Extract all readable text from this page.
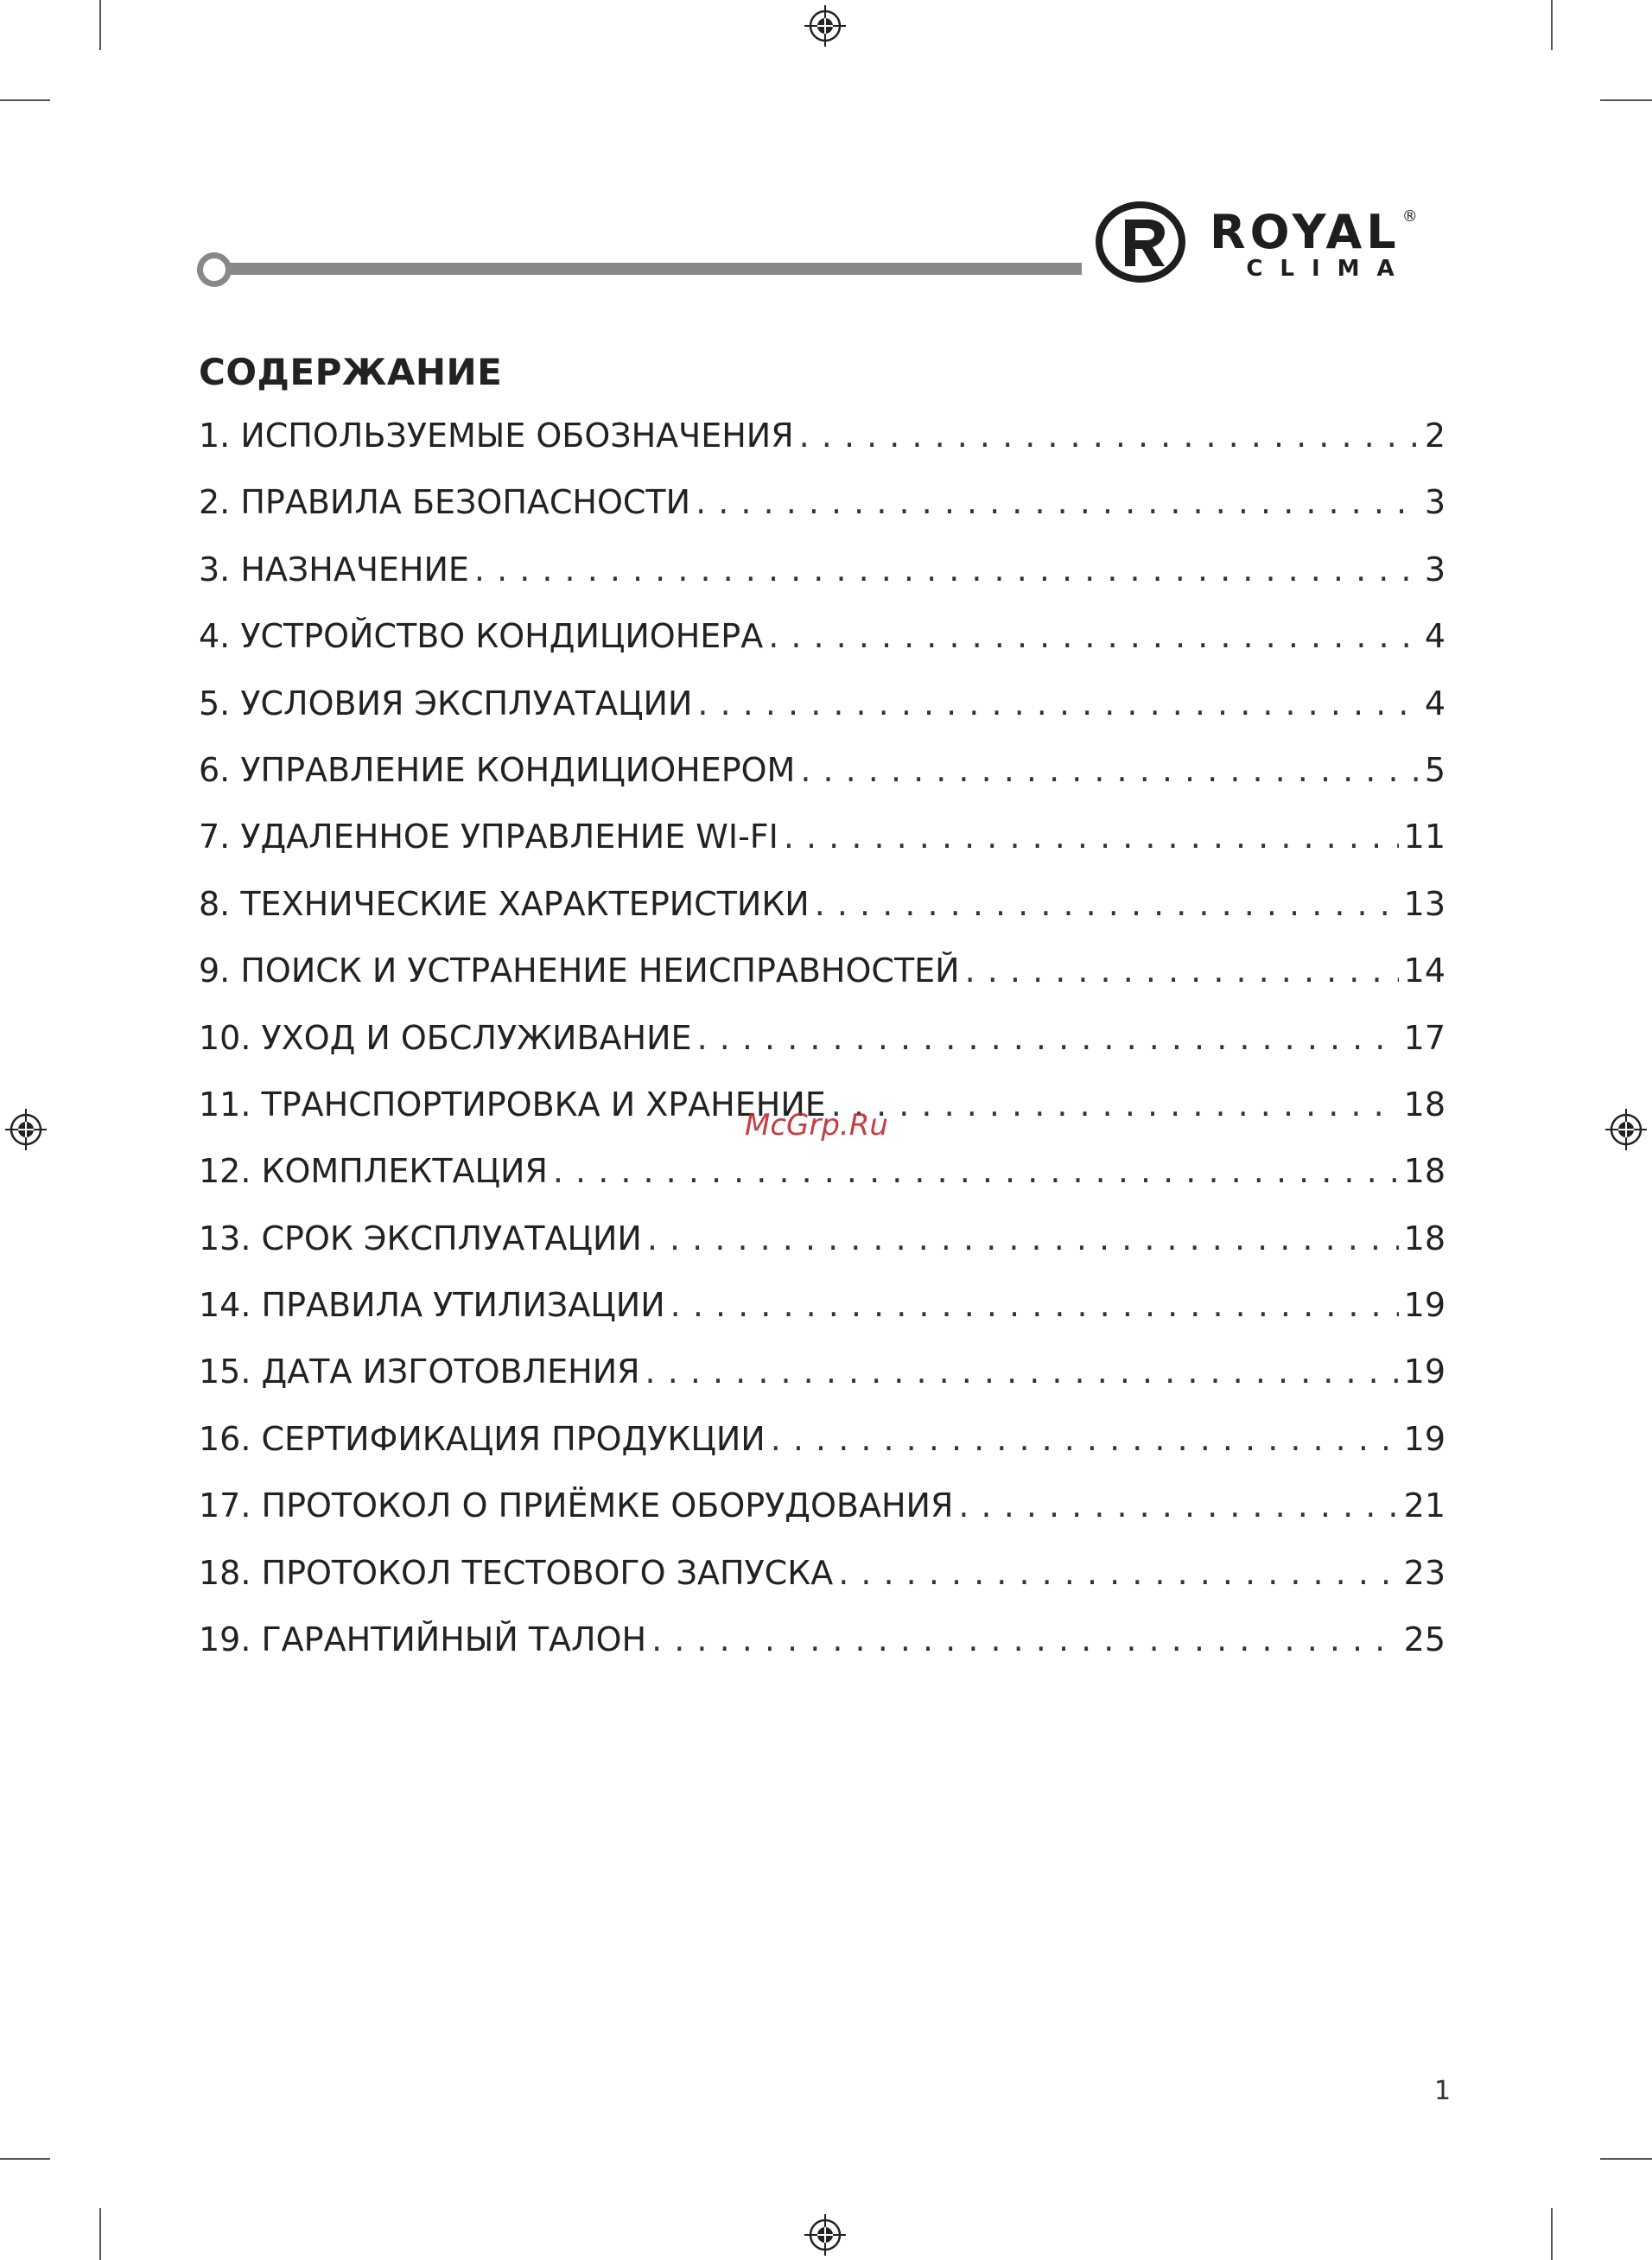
ROYAL ®
CLIMA
СОДЕРЖАНИЕ
1. ИСПОЛЬЗУЕМЫЕ ОБОЗНАЧЕНИЯ . . .	2
2. ПРАВИЛА БЕЗОПАСНОСТИ . . .	3
3. НАЗНАЧЕНИЕ . . .	3
4. УСТРОЙСТВО КОНДИЦИОНЕРА . . .	4
5. УСЛОВИЯ ЭКСПЛУАТАЦИИ . . .	4
6. УПРАВЛЕНИЕ КОНДИЦИОНЕРОМ . . .	5
7. УДАЛЕННОЕ УПРАВЛЕНИЕ WI-FI . . .	11
8. ТЕХНИЧЕСКИЕ ХАРАКТЕРИСТИКИ . . .	13
9. ПОИСК И УСТРАНЕНИЕ НЕИСПРАВНОСТЕЙ . . .	14
10. УХОД И ОБСЛУЖИВАНИЕ . . .	17
11. ТРАНСПОРТИРОВКА И ХРАНЕНИЕ . . .	18
12. КОМПЛЕКТАЦИЯ . . .	18
13. СРОК ЭКСПЛУАТАЦИИ . . .	18
14. ПРАВИЛА УТИЛИЗАЦИИ . . .	19
15. ДАТА ИЗГОТОВЛЕНИЯ . . .	19
16. СЕРТИФИКАЦИЯ ПРОДУКЦИИ . . .	19
17. ПРОТОКОЛ О ПРИЁМКЕ ОБОРУДОВАНИЯ . . .	21
18. ПРОТОКОЛ ТЕСТОВОГО ЗАПУСКА . . .	23
19. ГАРАНТИЙНЫЙ ТАЛОН . . .	25
McGrp.Ru
1
